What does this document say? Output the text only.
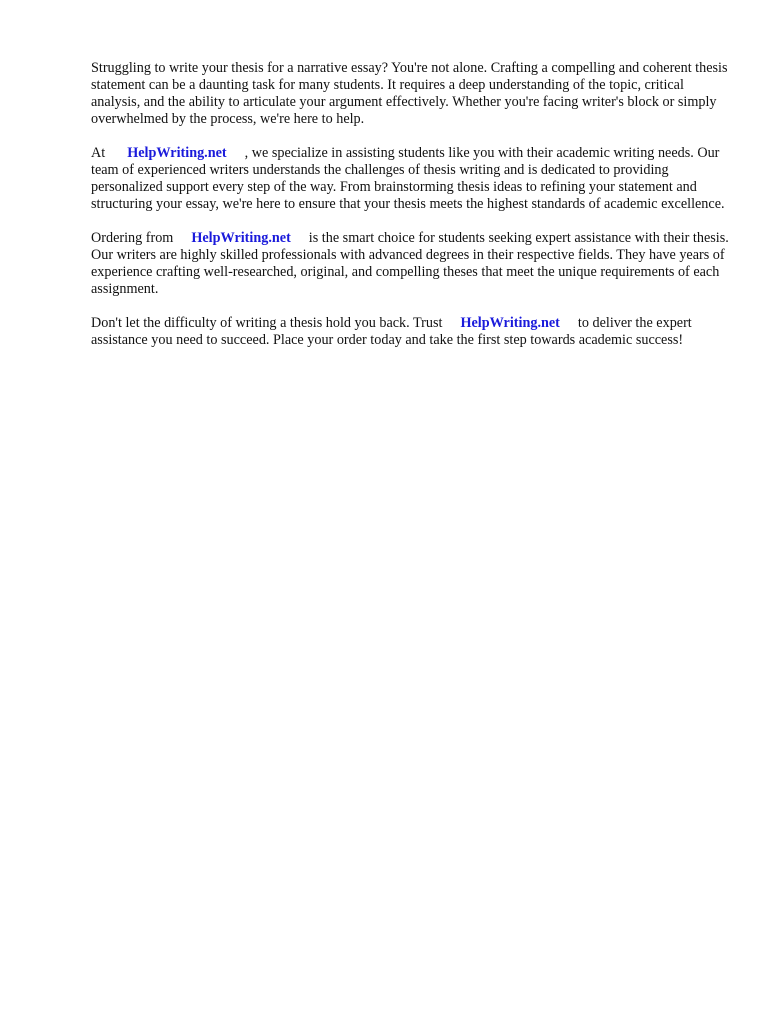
Struggling to write your thesis for a narrative essay? You're not alone. Crafting a compelling and coherent thesis statement can be a daunting task for many students. It requires a deep understanding of the topic, critical analysis, and the ability to articulate your argument effectively. Whether you're facing writer's block or simply overwhelmed by the process, we're here to help.

At HelpWriting.net , we specialize in assisting students like you with their academic writing needs. Our team of experienced writers understands the challenges of thesis writing and is dedicated to providing personalized support every step of the way. From brainstorming thesis ideas to refining your statement and structuring your essay, we're here to ensure that your thesis meets the highest standards of academic excellence.

Ordering from HelpWriting.net is the smart choice for students seeking expert assistance with their thesis. Our writers are highly skilled professionals with advanced degrees in their respective fields. They have years of experience crafting well-researched, original, and compelling theses that meet the unique requirements of each assignment.

Don't let the difficulty of writing a thesis hold you back. Trust HelpWriting.net to deliver the expert assistance you need to succeed. Place your order today and take the first step towards academic success!
